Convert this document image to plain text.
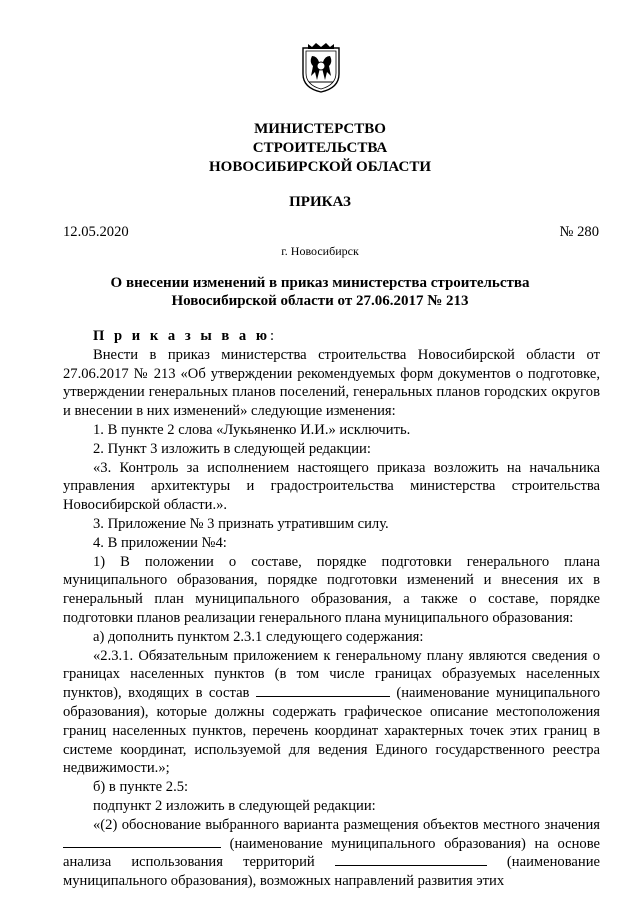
МИНИСТЕРСТВО
СТРОИТЕЛЬСТВА
НОВОСИБИРСКОЙ ОБЛАСТИ
ПРИКАЗ
12.05.2020	№ 280
г. Новосибирск
О внесении изменений в приказ министерства строительства
Новосибирской области от 27.06.2017 № 213

П р и к а з ы в а ю:

Внести в приказ министерства строительства Новосибирской области от 27.06.2017 № 213 «Об утверждении рекомендуемых форм документов о подготовке, утверждении генеральных планов поселений, генеральных планов городских округов и внесении в них изменений» следующие изменения:

1. В пункте 2 слова «Лукьяненко И.И.» исключить.

2. Пункт 3 изложить в следующей редакции:

«3. Контроль за исполнением настоящего приказа возложить на начальника управления архитектуры и градостроительства министерства строительства Новосибирской области.».

3. Приложение № 3 признать утратившим силу.

4. В приложении №4:

1) В положении о составе, порядке подготовки генерального плана муниципального образования, порядке подготовки изменений и внесения их в генеральный план муниципального образования, а также о составе, порядке подготовки планов реализации генерального плана муниципального образования:

а) дополнить пунктом 2.3.1 следующего содержания:

«2.3.1. Обязательным приложением к генеральному плану являются сведения о границах населенных пунктов (в том числе границах образуемых населенных пунктов), входящих в состав	(наименование муниципального образования), которые должны содержать графическое описание местоположения границ населенных пунктов, перечень координат характерных точек этих границ в системе координат, используемой для ведения Единого государственного реестра недвижимости.»;

б) в пункте 2.5:

подпункт 2 изложить в следующей редакции:

«(2) обоснование выбранного варианта размещения объектов местного значения  (наименование муниципального образования) на основе анализа использования территорий	(наименование муниципального образования), возможных направлений развития этих
